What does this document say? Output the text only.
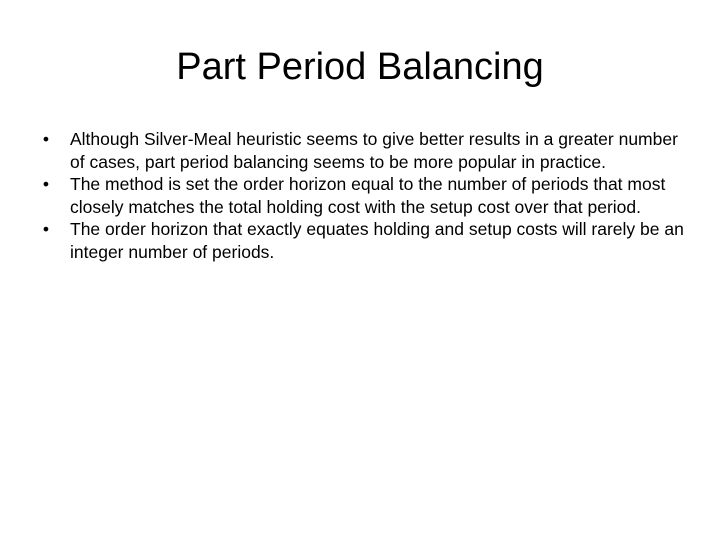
Part Period Balancing
•	Although Silver-Meal heuristic seems to give better results in a greater number of cases, part period balancing seems to be more popular in practice.
•	The method is set the order horizon equal to the number of periods that most closely matches the total holding cost with the setup cost over that period.
•	The order horizon that exactly equates holding and setup costs will rarely be an integer number of periods.
